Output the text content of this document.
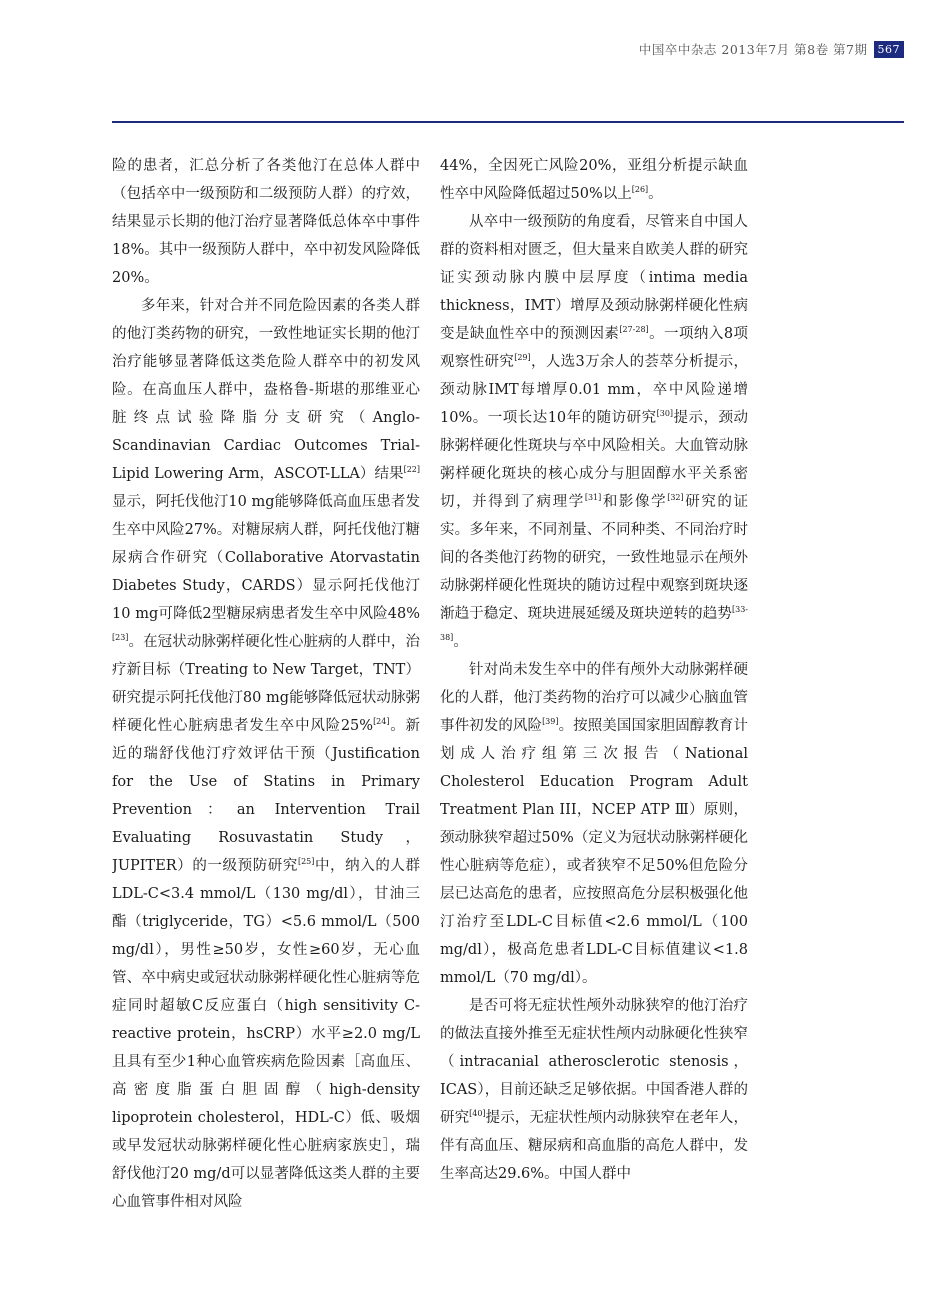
中国卒中杂志 2013年7月 第8卷 第7期 567

险的患者，汇总分析了各类他汀在总体人群中（包括卒中一级预防和二级预防人群）的疗效，结果显示长期的他汀治疗显著降低总体卒中事件18%。其中一级预防人群中，卒中初发风险降低20%。

多年来，针对合并不同危险因素的各类人群的他汀类药物的研究，一致性地证实长期的他汀治疗能够显著降低这类危险人群卒中的初发风险。在高血压人群中，盎格鲁-斯堪的那维亚心脏终点试验降脂分支研究（Anglo-Scandinavian Cardiac Outcomes Trial-Lipid Lowering Arm，ASCOT-LLA）结果[22]显示，阿托伐他汀10 mg能够降低高血压患者发生卒中风险27%。对糖尿病人群，阿托伐他汀糖尿病合作研究（Collaborative Atorvastatin Diabetes Study，CARDS）显示阿托伐他汀10 mg可降低2型糖尿病患者发生卒中风险48%[23]。在冠状动脉粥样硬化性心脏病的人群中，治疗新目标（Treating to New Target，TNT）研究提示阿托伐他汀80 mg能够降低冠状动脉粥样硬化性心脏病患者发生卒中风险25%[24]。新近的瑞舒伐他汀疗效评估干预（Justification for the Use of Statins in Primary Prevention：an Intervention Trail Evaluating Rosuvastatin Study，JUPITER）的一级预防研究[25]中，纳入的人群LDL-C<3.4 mmol/L（130 mg/dl），甘油三酯（triglyceride，TG）<5.6 mmol/L（500 mg/dl），男性≥50岁，女性≥60岁，无心血管、卒中病史或冠状动脉粥样硬化性心脏病等危症同时超敏C反应蛋白（high sensitivity C-reactive protein，hsCRP）水平≥2.0 mg/L且具有至少1种心血管疾病危险因素［高血压、高密度脂蛋白胆固醇（high-density lipoprotein cholesterol，HDL-C）低、吸烟或早发冠状动脉粥样硬化性心脏病家族史］，瑞舒伐他汀20 mg/d可以显著降低这类人群的主要心血管事件相对风险

44%，全因死亡风险20%，亚组分析提示缺血性卒中风险降低超过50%以上[26]。

从卒中一级预防的角度看，尽管来自中国人群的资料相对匮乏，但大量来自欧美人群的研究证实颈动脉内膜中层厚度（intima media thickness，IMT）增厚及颈动脉粥样硬化性病变是缺血性卒中的预测因素[27-28]。一项纳入8项观察性研究[29]，人选3万余人的荟萃分析提示，颈动脉IMT每增厚0.01 mm，卒中风险递增10%。一项长达10年的随访研究[30]提示，颈动脉粥样硬化性斑块与卒中风险相关。大血管动脉粥样硬化斑块的核心成分与胆固醇水平关系密切，并得到了病理学[31]和影像学[32]研究的证实。多年来，不同剂量、不同种类、不同治疗时间的各类他汀药物的研究，一致性地显示在颅外动脉粥样硬化性斑块的随访过程中观察到斑块逐渐趋于稳定、斑块进展延缓及斑块逆转的趋势[33-38]。

针对尚未发生卒中的伴有颅外大动脉粥样硬化的人群，他汀类药物的治疗可以减少心脑血管事件初发的风险[39]。按照美国国家胆固醇教育计划成人治疗组第三次报告（National Cholesterol Education Program Adult Treatment Plan III，NCEP ATP Ⅲ）原则，颈动脉狭窄超过50%（定义为冠状动脉粥样硬化性心脏病等危症），或者狭窄不足50%但危险分层已达高危的患者，应按照高危分层积极强化他汀治疗至LDL-C目标值<2.6 mmol/L（100 mg/dl），极高危患者LDL-C目标值建议<1.8 mmol/L（70 mg/dl）。

是否可将无症状性颅外动脉狭窄的他汀治疗的做法直接外推至无症状性颅内动脉硬化性狭窄（intracanial atherosclerotic stenosis，ICAS），目前还缺乏足够依据。中国香港人群的研究[40]提示，无症状性颅内动脉狭窄在老年人，伴有高血压、糖尿病和高血脂的高危人群中，发生率高达29.6%。中国人群中
